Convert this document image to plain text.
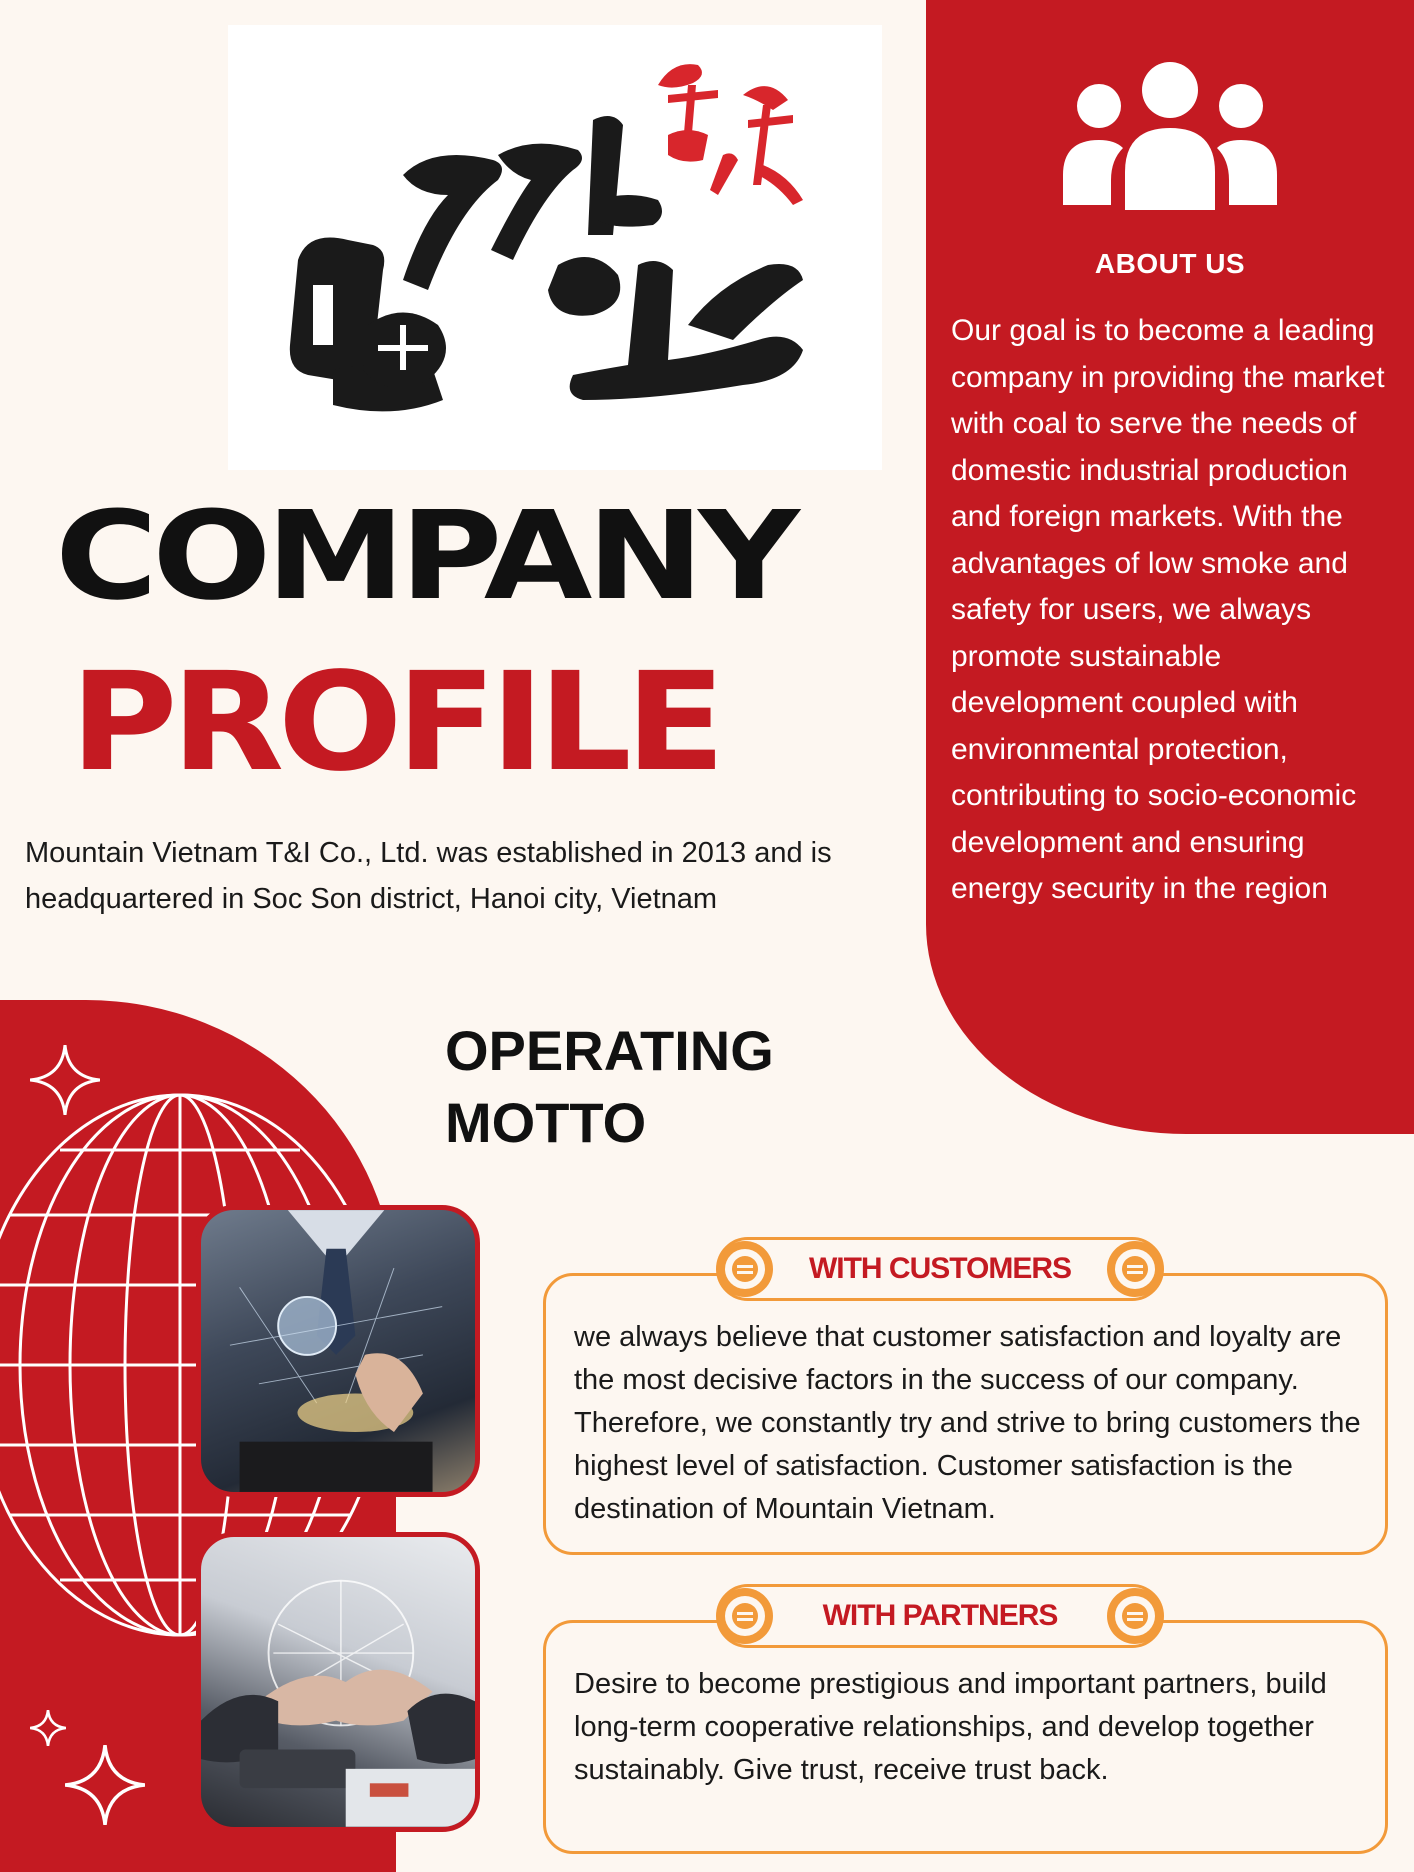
ABOUT US

Our goal is to become a leading company in providing the market with coal to serve the needs of domestic industrial production and foreign markets. With the advantages of low smoke and safety for users, we always promote sustainable development coupled with environmental protection, contributing to socio-economic development and ensuring energy security in the region

COMPANY
PROFILE

Mountain Vietnam T&I Co., Ltd. was established in 2013 and is headquartered in Soc Son district, Hanoi city, Vietnam

OPERATING
MOTTO

we always believe that customer satisfaction and loyalty are the most decisive factors in the success of our company. Therefore, we constantly try and strive to bring customers the highest level of satisfaction. Customer satisfaction is the destination of Mountain Vietnam.

WITH CUSTOMERS

Desire to become prestigious and important partners, build long-term cooperative relationships, and develop together sustainably. Give trust, receive trust back.

WITH PARTNERS
